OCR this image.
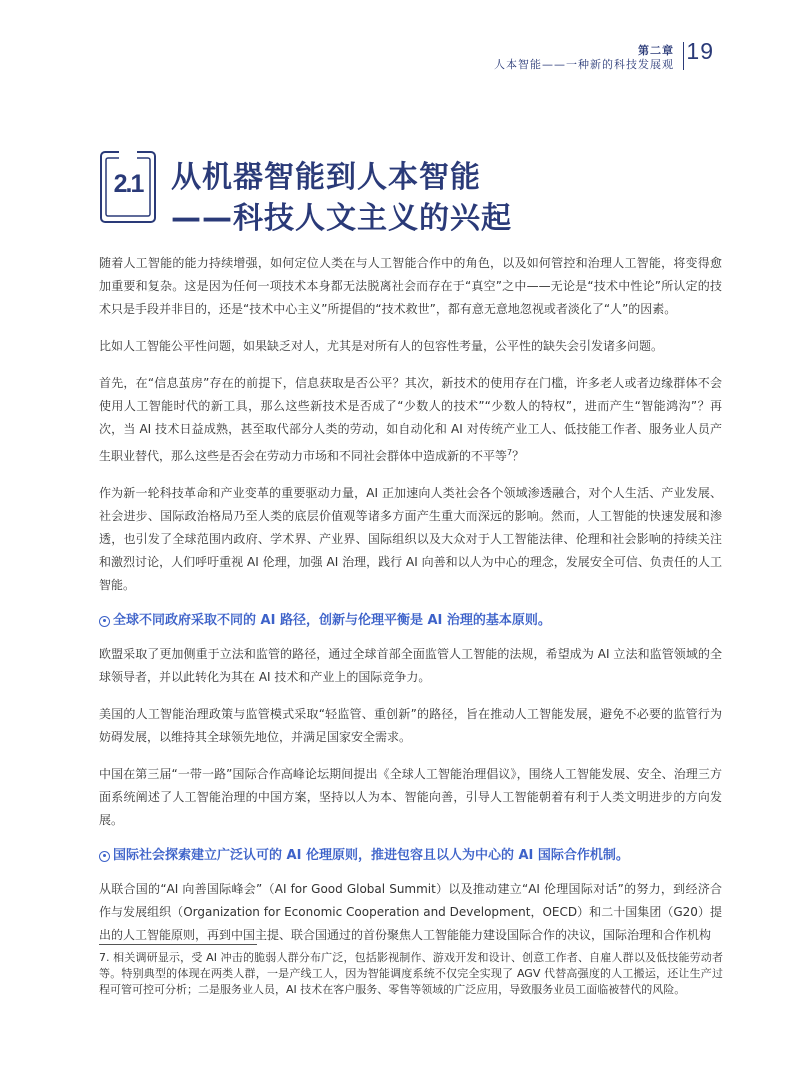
第二章
人本智能——一种新的科技发展观
19
2.1 从机器智能到人本智能
——科技人文主义的兴起

随着人工智能的能力持续增强，如何定位人类在与人工智能合作中的角色，以及如何管控和治理人工智能，将变得愈加重要和复杂。这是因为任何一项技术本身都无法脱离社会而存在于“真空”之中——无论是“技术中性论”所认定的技术只是手段并非目的，还是“技术中心主义”所提倡的“技术救世”，都有意无意地忽视或者淡化了“人”的因素。

比如人工智能公平性问题，如果缺乏对人，尤其是对所有人的包容性考量，公平性的缺失会引发诸多问题。

首先，在“信息茧房”存在的前提下，信息获取是否公平？其次，新技术的使用存在门槛，许多老人或者边缘群体不会使用人工智能时代的新工具，那么这些新技术是否成了“少数人的技术”“少数人的特权”，进而产生“智能鸿沟”？再次，当 AI 技术日益成熟，甚至取代部分人类的劳动，如自动化和 AI 对传统产业工人、低技能工作者、服务业人员产生职业替代，那么这些是否会在劳动力市场和不同社会群体中造成新的不平等$^7$？

作为新一轮科技革命和产业变革的重要驱动力量，AI 正加速向人类社会各个领域渗透融合，对个人生活、产业发展、社会进步、国际政治格局乃至人类的底层价值观等诸多方面产生重大而深远的影响。然而，人工智能的快速发展和渗透，也引发了全球范围内政府、学术界、产业界、国际组织以及大众对于人工智能法律、伦理和社会影响的持续关注和激烈讨论，人们呼吁重视 AI 伦理，加强 AI 治理，践行 AI 向善和以人为中心的理念，发展安全可信、负责任的人工智能。

全球不同政府采取不同的 AI 路径，创新与伦理平衡是 AI 治理的基本原则。

欧盟采取了更加侧重于立法和监管的路径，通过全球首部全面监管人工智能的法规，希望成为 AI 立法和监管领域的全球领导者，并以此转化为其在 AI 技术和产业上的国际竞争力。

美国的人工智能治理政策与监管模式采取“轻监管、重创新”的路径，旨在推动人工智能发展，避免不必要的监管行为妨碍发展，以维持其全球领先地位，并满足国家安全需求。

中国在第三届“一带一路”国际合作高峰论坛期间提出《全球人工智能治理倡议》，围绕人工智能发展、安全、治理三方面系统阐述了人工智能治理的中国方案，坚持以人为本、智能向善，引导人工智能朝着有利于人类文明进步的方向发展。

国际社会探索建立广泛认可的 AI 伦理原则，推进包容且以人为中心的 AI 国际合作机制。

从联合国的“AI 向善国际峰会”（AI for Good Global Summit）以及推动建立“AI 伦理国际对话”的努力，到经济合作与发展组织（Organization for Economic Cooperation and Development，OECD）和二十国集团（G20）提出的人工智能原则，再到中国主提、联合国通过的首份聚焦人工智能能力建设国际合作的决议，国际治理和合作机构

7. 相关调研显示，受 AI 冲击的脆弱人群分布广泛，包括影视制作、游戏开发和设计、创意工作者、自雇人群以及低技能劳动者等。特别典型的体现在两类人群，一是产线工人，因为智能调度系统不仅完全实现了 AGV 代替高强度的人工搬运，还让生产过程可管可控可分析；二是服务业人员，AI 技术在客户服务、零售等领域的广泛应用，导致服务业员工面临被替代的风险。
